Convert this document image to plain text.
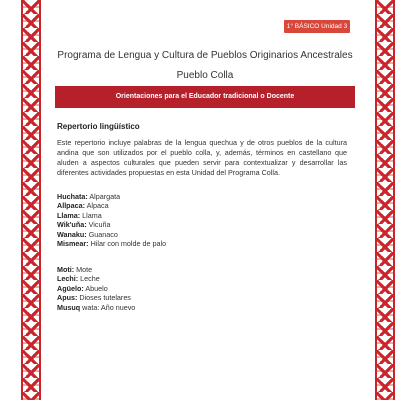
1° BÁSICO Unidad 3
Programa de Lengua y Cultura de Pueblos Originarios Ancestrales
Pueblo Colla
Orientaciones para el Educador tradicional o Docente
Repertorio lingüístico

Este repertorio incluye palabras de la lengua quechua y de otros pueblos de la cultura andina que son utilizados por el pueblo colla, y, además, términos en castellano que aluden a aspectos culturales que pueden servir para contextualizar y desarrollar las diferentes actividades propuestas en esta Unidad del Programa Colla.

Huchata: Alpargata
Allpaca: Alpaca
Llama: Llama
Wik'uña: Vicuña
Wanaku: Guanaco
Mismear: Hilar con molde de palo
Moti: Mote
Lechi: Leche
Agüelo: Abuelo
Apus: Dioses tutelares
Musuq wata: Año nuevo
